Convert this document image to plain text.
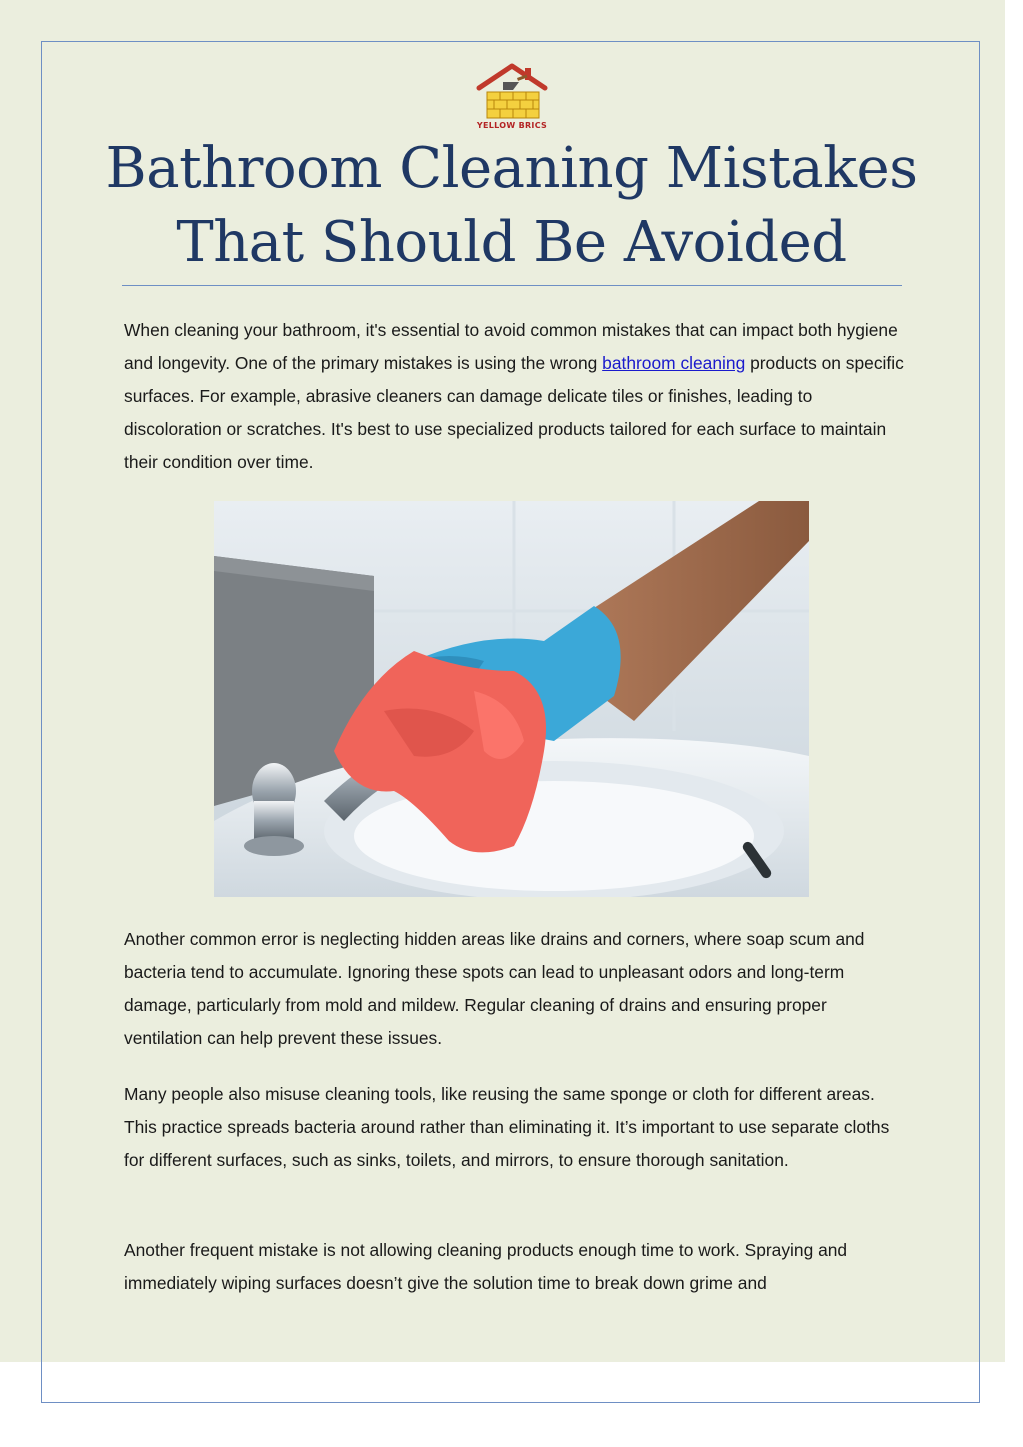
YELLOW BRICS
Bathroom Cleaning Mistakes That Should Be Avoided

When cleaning your bathroom, it's essential to avoid common mistakes that can impact both hygiene and longevity. One of the primary mistakes is using the wrong bathroom cleaning products on specific surfaces. For example, abrasive cleaners can damage delicate tiles or finishes, leading to discoloration or scratches. It's best to use specialized products tailored for each surface to maintain their condition over time.

Another common error is neglecting hidden areas like drains and corners, where soap scum and bacteria tend to accumulate. Ignoring these spots can lead to unpleasant odors and long-term damage, particularly from mold and mildew. Regular cleaning of drains and ensuring proper ventilation can help prevent these issues.

Many people also misuse cleaning tools, like reusing the same sponge or cloth for different areas. This practice spreads bacteria around rather than eliminating it. It’s important to use separate cloths for different surfaces, such as sinks, toilets, and mirrors, to ensure thorough sanitation.

Another frequent mistake is not allowing cleaning products enough time to work. Spraying and immediately wiping surfaces doesn’t give the solution time to break down grime and
